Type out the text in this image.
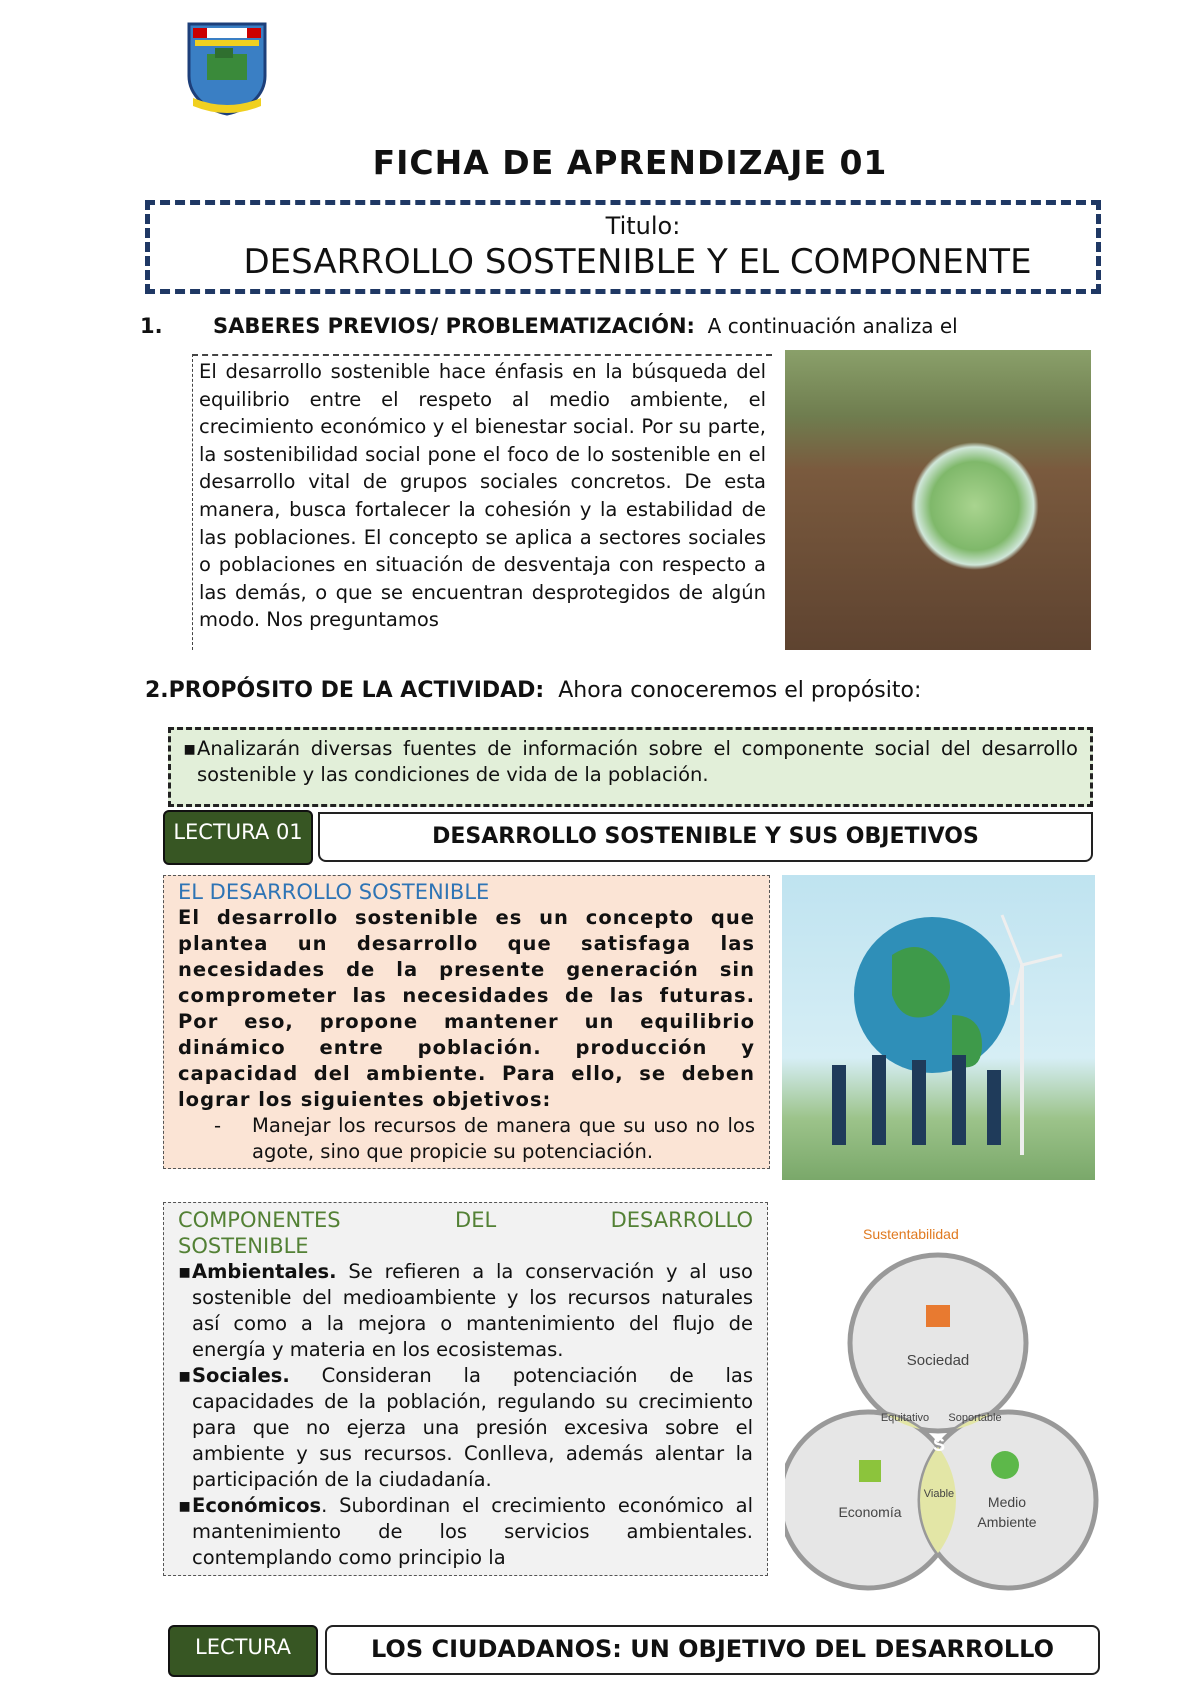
FICHA DE APRENDIZAJE 01
Titulo:
DESARROLLO SOSTENIBLE Y EL COMPONENTE
1. SABERES PREVIOS/ PROBLEMATIZACIÓN: A continuación analiza el
El desarrollo sostenible hace énfasis en la búsqueda del equilibrio entre el respeto al medio ambiente, el crecimiento económico y el bienestar social. Por su parte, la sostenibilidad social pone el foco de lo sostenible en el desarrollo vital de grupos sociales concretos. De esta manera, busca fortalecer la cohesión y la estabilidad de las poblaciones. El concepto se aplica a sectores sociales o poblaciones en situación de desventaja con respecto a las demás, o que se encuentran desprotegidos de algún modo. Nos preguntamos
2.PROPÓSITO DE LA ACTIVIDAD: Ahora conoceremos el propósito:
▪ Analizarán diversas fuentes de información sobre el componente social del desarrollo sostenible y las condiciones de vida de la población.
LECTURA 01	DESARROLLO SOSTENIBLE Y SUS OBJETIVOS
EL DESARROLLO SOSTENIBLE
El desarrollo sostenible es un concepto que plantea un desarrollo que satisfaga las necesidades de la presente generación sin comprometer las necesidades de las futuras. Por eso, propone mantener un equilibrio dinámico entre población. producción y capacidad del ambiente. Para ello, se deben lograr los siguientes objetivos:
-	Manejar los recursos de manera que su uso no los agote, sino que propicie su potenciación.
COMPONENTES	DEL	DESARROLLO
SOSTENIBLE
▪ Ambientales. Se refieren a la conservación y al uso sostenible del medioambiente y los recursos naturales así como a la mejora o mantenimiento del flujo de energía y materia en los ecosistemas.
▪ Sociales. Consideran la potenciación de las capacidades de la población, regulando su crecimiento para que no ejerza una presión excesiva sobre el ambiente y sus recursos. Conlleva, además alentar la participación de la ciudadanía.
▪ Económicos. Subordinan el crecimiento económico al mantenimiento de los servicios ambientales. contemplando como principio la
Sustentabilidad
Sociedad
Equitativo Soportable
S
Viable
Economía
Medio
Ambiente
LECTURA	LOS CIUDADANOS: UN OBJETIVO DEL DESARROLLO
